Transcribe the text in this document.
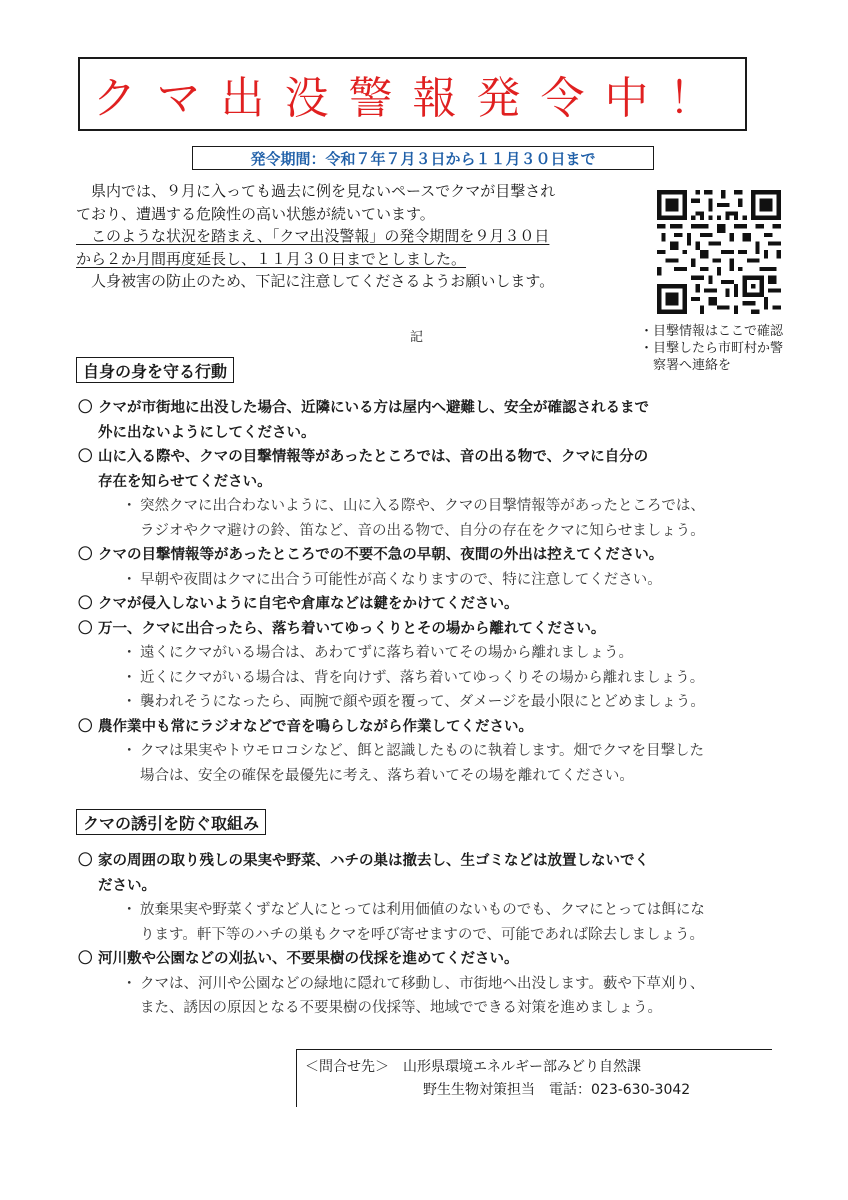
クマ出没警報発令中！
発令期間：令和７年７月３日から１１月３０日まで

　県内では、９月に入っても過去に例を見ないペースでクマが目撃され

ており、遭遇する危険性の高い状態が続いています。

　このような状況を踏まえ、「クマ出没警報」の発令期間を９月３０日

から２か月間再度延長し、１１月３０日までとしました。

　人身被害の防止のため、下記に注意してくださるようお願いします。

・目撃情報はここで確認
・目撃したら市町村か警
　察署へ連絡を
記
自身の身を守る行動
〇 クマが市街地に出没した場合、近隣にいる方は屋内へ避難し、安全が確認されるまで
外に出ないようにしてください。
〇 山に入る際や、クマの目撃情報等があったところでは、音の出る物で、クマに自分の
存在を知らせてください。
・ 突然クマに出合わないように、山に入る際や、クマの目撃情報等があったところでは、
ラジオやクマ避けの鈴、笛など、音の出る物で、自分の存在をクマに知らせましょう。
〇 クマの目撃情報等があったところでの不要不急の早朝、夜間の外出は控えてください。
・ 早朝や夜間はクマに出合う可能性が高くなりますので、特に注意してください。
〇 クマが侵入しないように自宅や倉庫などは鍵をかけてください。
〇 万一、クマに出合ったら、落ち着いてゆっくりとその場から離れてください。
・ 遠くにクマがいる場合は、あわてずに落ち着いてその場から離れましょう。
・ 近くにクマがいる場合は、背を向けず、落ち着いてゆっくりその場から離れましょう。
・ 襲われそうになったら、両腕で顔や頭を覆って、ダメージを最小限にとどめましょう。
〇 農作業中も常にラジオなどで音を鳴らしながら作業してください。
・ クマは果実やトウモロコシなど、餌と認識したものに執着します。畑でクマを目撃した
場合は、安全の確保を最優先に考え、落ち着いてその場を離れてください。
クマの誘引を防ぐ取組み
〇 家の周囲の取り残しの果実や野菜、ハチの巣は撤去し、生ゴミなどは放置しないでく
ださい。
・ 放棄果実や野菜くずなど人にとっては利用価値のないものでも、クマにとっては餌にな
ります。軒下等のハチの巣もクマを呼び寄せますので、可能であれば除去しましょう。
〇 河川敷や公園などの刈払い、不要果樹の伐採を進めてください。
・ クマは、河川や公園などの緑地に隠れて移動し、市街地へ出没します。藪や下草刈り、
また、誘因の原因となる不要果樹の伐採等、地域でできる対策を進めましょう。
＜問合せ先＞　 山形県環境エネルギー部みどり自然課
野生生物対策担当　 電話：023-630-3042
